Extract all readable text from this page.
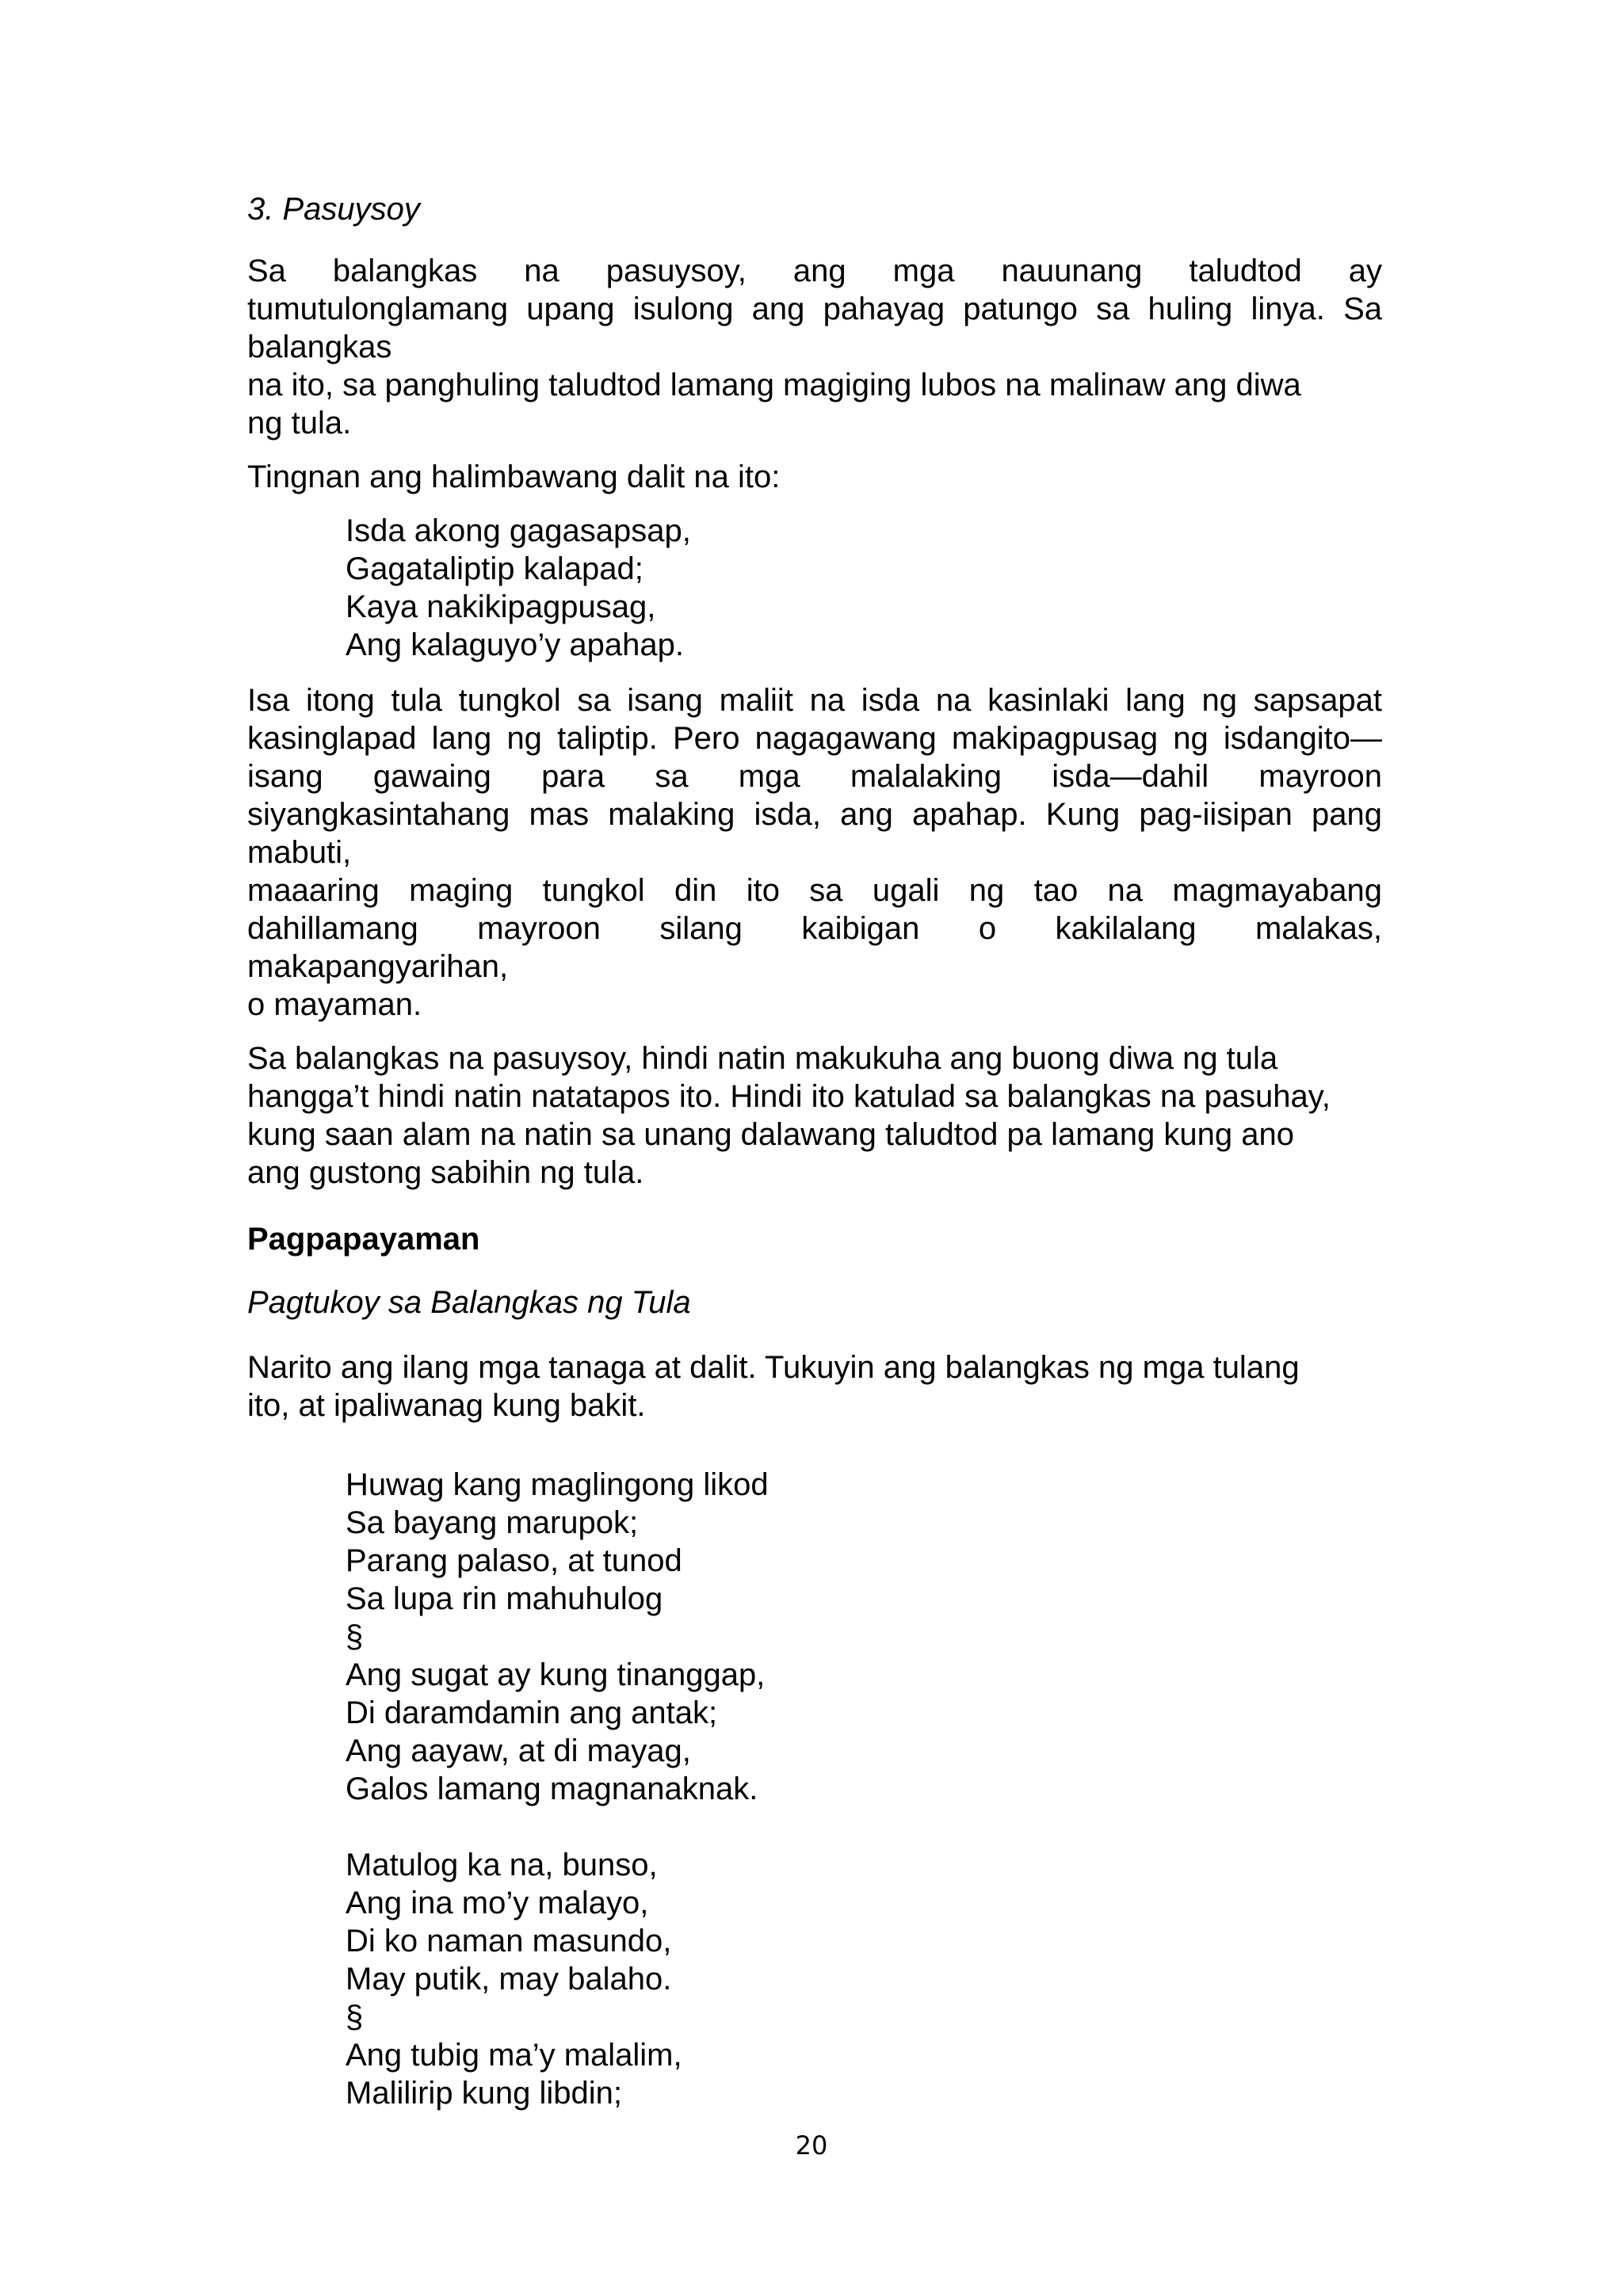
3. Pasuysoy
Sa balangkas na pasuysoy, ang mga nauunang taludtod ay
tumutulonglamang upang isulong ang pahayag patungo sa huling linya. Sa
balangkas
na ito, sa panghuling taludtod lamang magiging lubos na malinaw ang diwa
ng tula.
Tingnan ang halimbawang dalit na ito:
Isda akong gagasapsap,
Gagataliptip kalapad;
Kaya nakikipagpusag,
Ang kalaguyo’y apahap.
Isa itong tula tungkol sa isang maliit na isda na kasinlaki lang ng sapsapat
kasinglapad lang ng taliptip. Pero nagagawang makipagpusag ng isdangito—
isang gawaing para sa mga malalaking isda—dahil mayroon
siyangkasintahang mas malaking isda, ang apahap. Kung pag-iisipan pang
mabuti,
maaaring maging tungkol din ito sa ugali ng tao na magmayabang
dahillamang mayroon silang kaibigan o kakilalang malakas,
makapangyarihan,
o mayaman.
Sa balangkas na pasuysoy, hindi natin makukuha ang buong diwa ng tula
hangga’t hindi natin natatapos ito. Hindi ito katulad sa balangkas na pasuhay,
kung saan alam na natin sa unang dalawang taludtod pa lamang kung ano
ang gustong sabihin ng tula.
Pagpapayaman
Pagtukoy sa Balangkas ng Tula
Narito ang ilang mga tanaga at dalit. Tukuyin ang balangkas ng mga tulang
ito, at ipaliwanag kung bakit.
Huwag kang maglingong likod
Sa bayang marupok;
Parang palaso, at tunod
Sa lupa rin mahuhulog
§
Ang sugat ay kung tinanggap,
Di daramdamin ang antak;
Ang aayaw, at di mayag,
Galos lamang magnanaknak.
Matulog ka na, bunso,
Ang ina mo’y malayo,
Di ko naman masundo,
May putik, may balaho.
§
Ang tubig ma’y malalim,
Malilirip kung libdin;
20
